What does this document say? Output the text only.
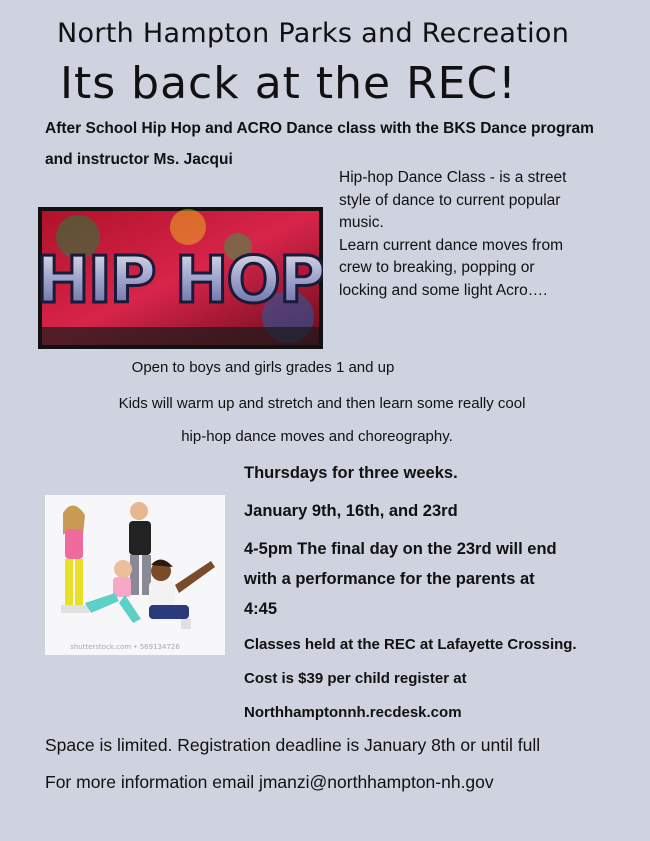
North Hampton Parks and Recreation
Its back at the REC!
After School Hip Hop and ACRO Dance class with the BKS Dance program
and instructor Ms. Jacqui
HIP HOP
Hip-hop Dance Class - is a street
style of dance to current popular
music.
Learn current dance moves from
crew to breaking, popping or
locking and some light Acro….
Open to boys and girls grades 1 and up
Kids will warm up and stretch and then learn some really cool
hip-hop dance moves and choreography.
shutterstock.com • 569134726
Thursdays for three weeks.
January 9th, 16th, and 23rd
4-5pm The final day on the 23rd will end
with a performance for the parents at
4:45
Classes held at the REC at Lafayette Crossing.
Cost is $39 per child register at
Northhamptonnh.recdesk.com
Space is limited. Registration deadline is January 8th or until full
For more information email jmanzi@northhampton-nh.gov
